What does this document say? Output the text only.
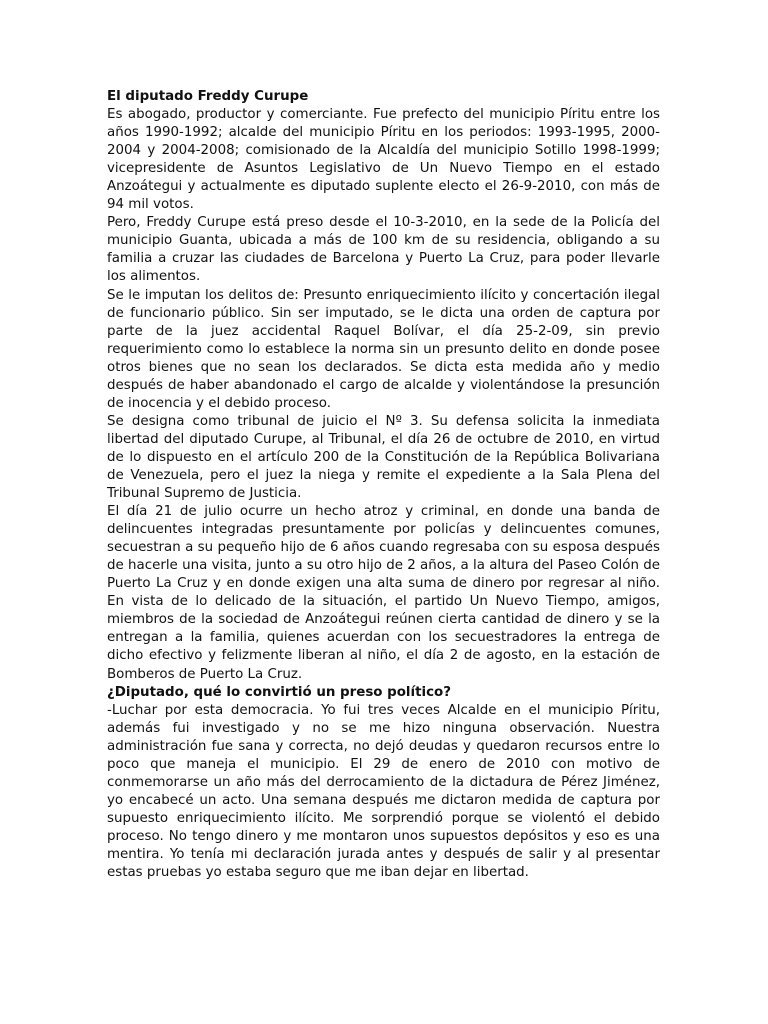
El diputado Freddy Curupe

Es abogado, productor y comerciante. Fue prefecto del municipio Píritu entre los años 1990-1992; alcalde del municipio Píritu en los periodos: 1993-1995, 2000-2004 y 2004-2008; comisionado de la Alcaldía del municipio Sotillo 1998-1999; vicepresidente de Asuntos Legislativo de Un Nuevo Tiempo en el estado Anzoátegui y actualmente es diputado suplente electo el 26-9-2010, con más de 94 mil votos.

Pero, Freddy Curupe está preso desde el 10-3-2010, en la sede de la Policía del municipio Guanta, ubicada a más de 100 km de su residencia, obligando a su familia a cruzar las ciudades de Barcelona y Puerto La Cruz, para poder llevarle los alimentos.

Se le imputan los delitos de: Presunto enriquecimiento ilícito y concertación ilegal de funcionario público. Sin ser imputado, se le dicta una orden de captura por parte de la juez accidental Raquel Bolívar, el día 25-2-09, sin previo requerimiento como lo establece la norma sin un presunto delito en donde posee otros bienes que no sean los declarados. Se dicta esta medida año y medio después de haber abandonado el cargo de alcalde y violentándose la presunción de inocencia y el debido proceso.

Se designa como tribunal de juicio el Nº 3. Su defensa solicita la inmediata libertad del diputado Curupe, al Tribunal, el día 26 de octubre de 2010, en virtud de lo dispuesto en el artículo 200 de la Constitución de la República Bolivariana de Venezuela, pero el juez la niega y remite el expediente a la Sala Plena del Tribunal Supremo de Justicia.

El día 21 de julio ocurre un hecho atroz y criminal, en donde una banda de delincuentes integradas presuntamente por policías y delincuentes comunes, secuestran a su pequeño hijo de 6 años cuando regresaba con su esposa después de hacerle una visita, junto a su otro hijo de 2 años, a la altura del Paseo Colón de Puerto La Cruz y en donde exigen una alta suma de dinero por regresar al niño. En vista de lo delicado de la situación, el partido Un Nuevo Tiempo, amigos, miembros de la sociedad de Anzoátegui reúnen cierta cantidad de dinero y se la entregan a la familia, quienes acuerdan con los secuestradores la entrega de dicho efectivo y felizmente liberan al niño, el día 2 de agosto, en la estación de Bomberos de Puerto La Cruz.

¿Diputado, qué lo convirtió un preso político?

-Luchar por esta democracia. Yo fui tres veces Alcalde en el municipio Píritu, además fui investigado y no se me hizo ninguna observación. Nuestra administración fue sana y correcta, no dejó deudas y quedaron recursos entre lo poco que maneja el municipio. El 29 de enero de 2010 con motivo de conmemorarse un año más del derrocamiento de la dictadura de Pérez Jiménez, yo encabecé un acto. Una semana después me dictaron medida de captura por supuesto enriquecimiento ilícito. Me sorprendió porque se violentó el debido proceso. No tengo dinero y me montaron unos supuestos depósitos y eso es una mentira. Yo tenía mi declaración jurada antes y después de salir y al presentar estas pruebas yo estaba seguro que me iban dejar en libertad.
